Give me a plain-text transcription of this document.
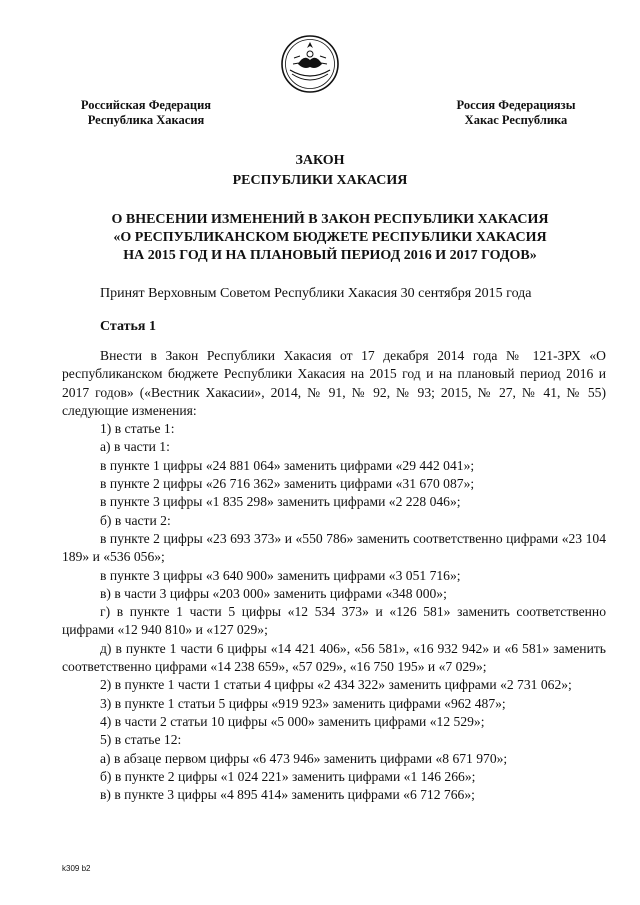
Российская Федерация
Республика Хакасия
Россия Федерациязы
Хакас Республика
ЗАКОН
РЕСПУБЛИКИ ХАКАСИЯ
О ВНЕСЕНИИ ИЗМЕНЕНИЙ В ЗАКОН РЕСПУБЛИКИ ХАКАСИЯ
«О РЕСПУБЛИКАНСКОМ БЮДЖЕТЕ РЕСПУБЛИКИ ХАКАСИЯ
НА 2015 ГОД И НА ПЛАНОВЫЙ ПЕРИОД 2016 И 2017 ГОДОВ»
Принят Верховным Советом Республики Хакасия 30 сентября 2015 года
Статья 1

Внести в Закон Республики Хакасия от 17 декабря 2014 года № 121-ЗРХ «О республиканском бюджете Республики Хакасия на 2015 год и на плановый период 2016 и 2017 годов» («Вестник Хакасии», 2014, № 91, № 92, № 93; 2015, № 27, № 41, № 55) следующие изменения:

1) в статье 1:

а) в части 1:

в пункте 1 цифры «24 881 064» заменить цифрами «29 442 041»;

в пункте 2 цифры «26 716 362» заменить цифрами «31 670 087»;

в пункте 3 цифры «1 835 298» заменить цифрами «2 228 046»;

б) в части 2:

в пункте 2 цифры «23 693 373» и «550 786» заменить соответственно цифрами «23 104 189» и «536 056»;

в пункте 3 цифры «3 640 900» заменить цифрами «3 051 716»;

в) в части 3 цифры «203 000» заменить цифрами «348 000»;

г) в пункте 1 части 5 цифры «12 534 373» и «126 581» заменить соответственно цифрами «12 940 810» и «127 029»;

д) в пункте 1 части 6 цифры «14 421 406», «56 581», «16 932 942» и «6 581» заменить соответственно цифрами «14 238 659», «57 029», «16 750 195» и «7 029»;

2) в пункте 1 части 1 статьи 4 цифры «2 434 322» заменить цифрами «2 731 062»;

3) в пункте 1 статьи 5 цифры «919 923» заменить цифрами «962 487»;

4) в части 2 статьи 10 цифры «5 000» заменить цифрами «12 529»;

5) в статье 12:

а) в абзаце первом цифры «6 473 946» заменить цифрами «8 671 970»;

б) в пункте 2 цифры «1 024 221» заменить цифрами «1 146 266»;

в) в пункте 3 цифры «4 895 414» заменить цифрами «6 712 766»;

k309 b2
